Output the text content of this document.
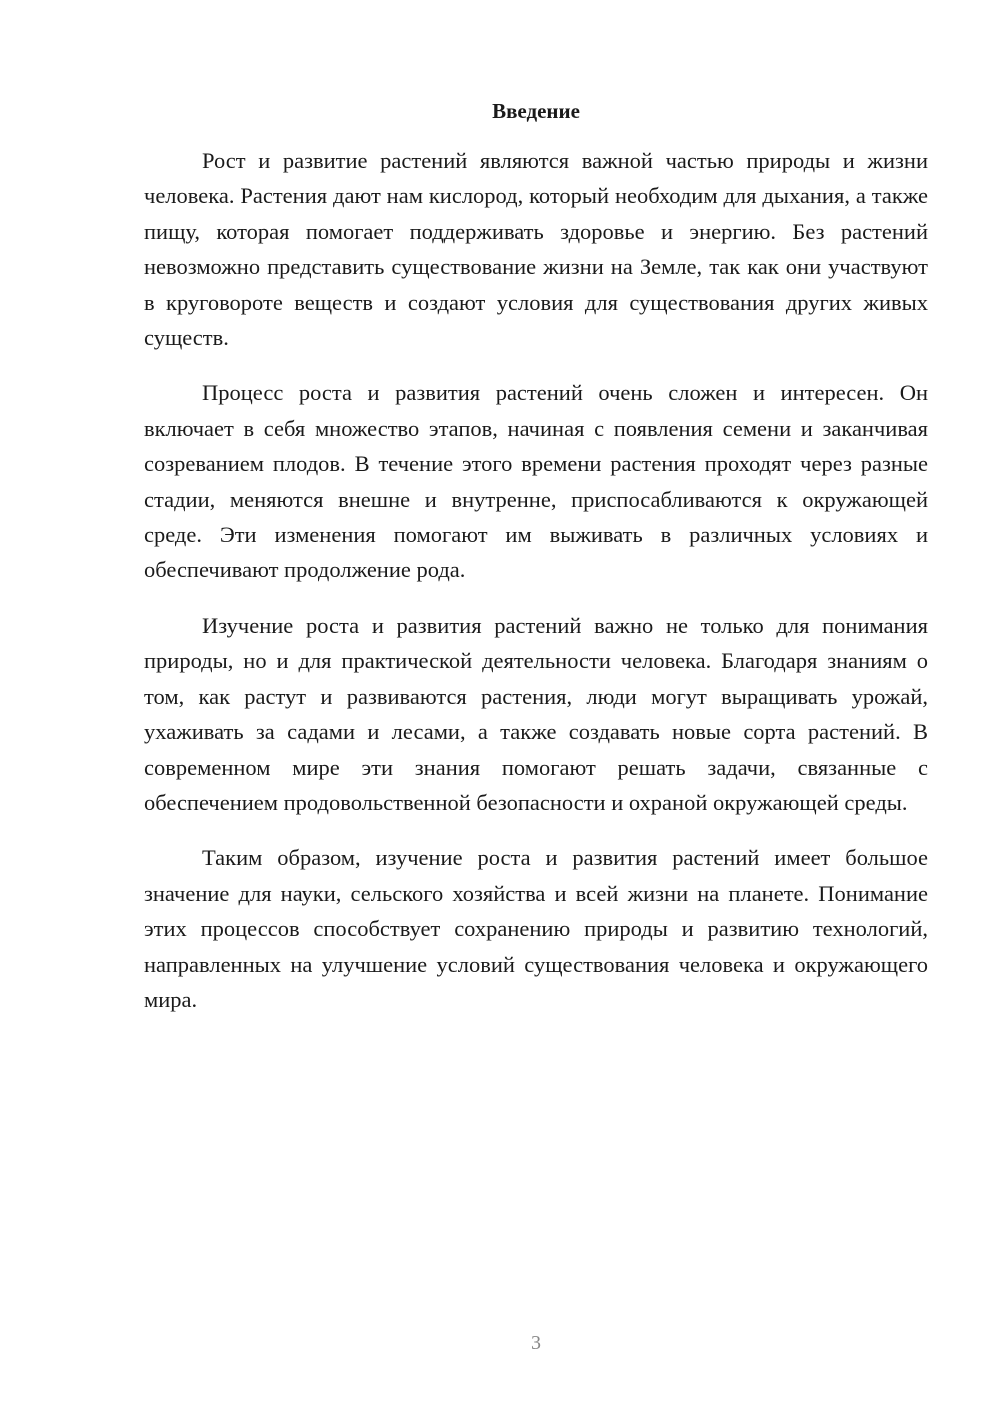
Введение

Рост и развитие растений являются важной частью природы и жизни человека. Растения дают нам кислород, который необходим для дыхания, а также пищу, которая помогает поддерживать здоровье и энергию. Без растений невозможно представить существование жизни на Земле, так как они участвуют в круговороте веществ и создают условия для существования других живых существ.

Процесс роста и развития растений очень сложен и интересен. Он включает в себя множество этапов, начиная с появления семени и заканчивая созреванием плодов. В течение этого времени растения проходят через разные стадии, меняются внешне и внутренне, приспосабливаются к окружающей среде. Эти изменения помогают им выживать в различных условиях и обеспечивают продолжение рода.

Изучение роста и развития растений важно не только для понимания природы, но и для практической деятельности человека. Благодаря знаниям о том, как растут и развиваются растения, люди могут выращивать урожай, ухаживать за садами и лесами, а также создавать новые сорта растений. В современном мире эти знания помогают решать задачи, связанные с обеспечением продовольственной безопасности и охраной окружающей среды.

Таким образом, изучение роста и развития растений имеет большое значение для науки, сельского хозяйства и всей жизни на планете. Понимание этих процессов способствует сохранению природы и развитию технологий, направленных на улучшение условий существования человека и окружающего мира.

3
